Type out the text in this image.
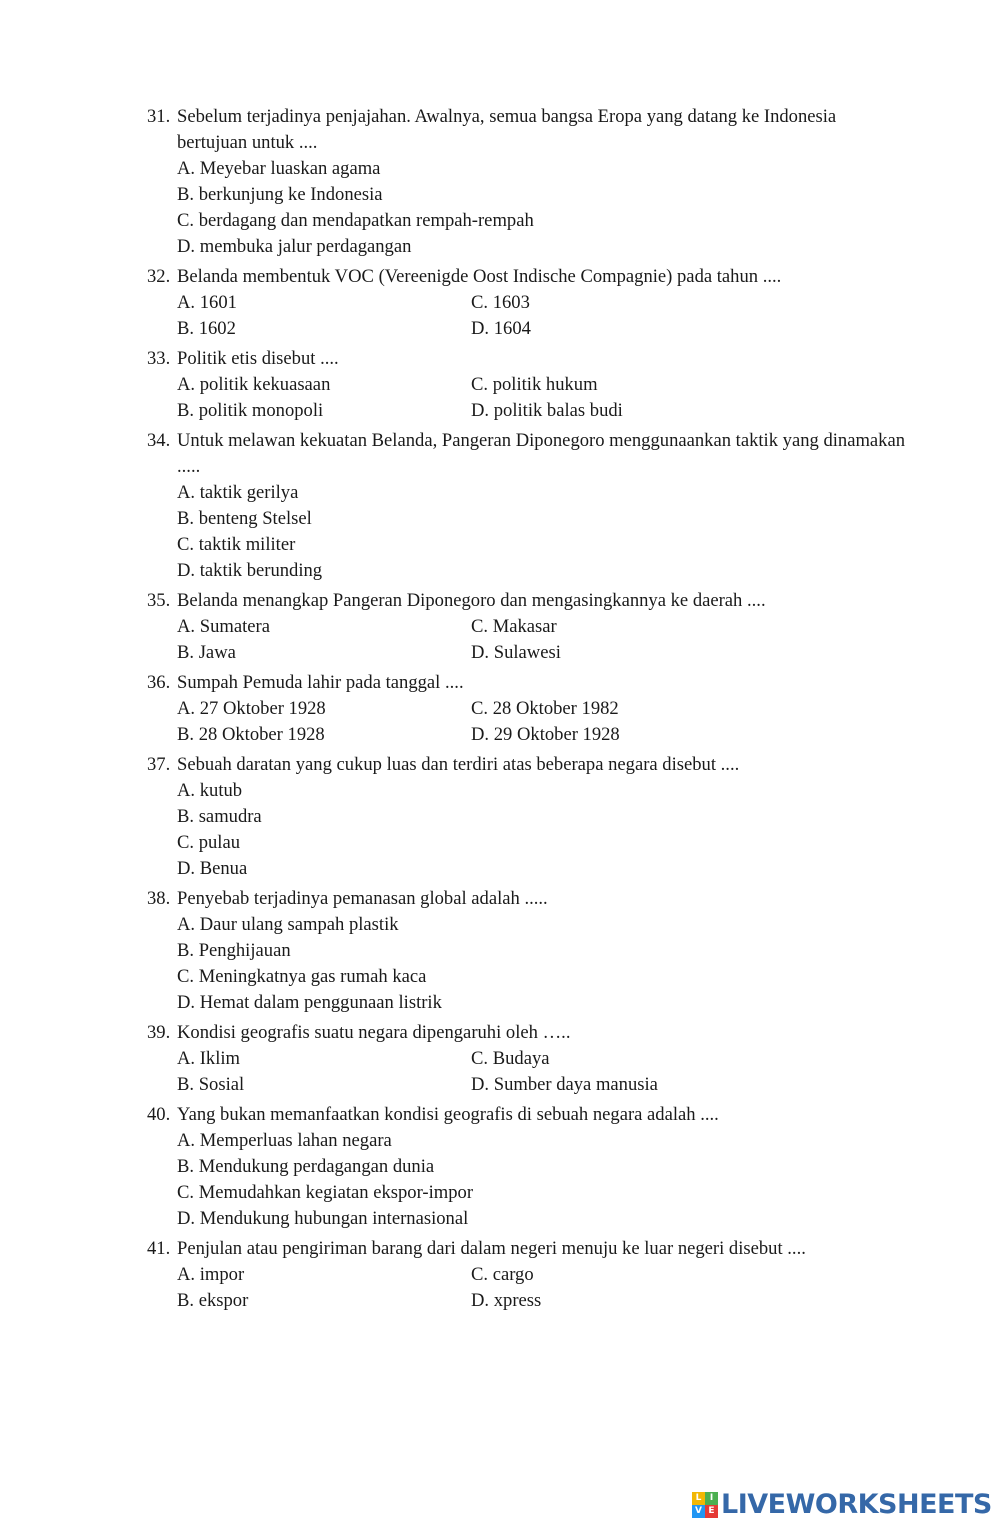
31. Sebelum terjadinya penjajahan. Awalnya, semua bangsa Eropa yang datang ke Indonesia bertujuan untuk ....
A. Meyebar luaskan agama
B. berkunjung ke Indonesia
C. berdagang dan mendapatkan rempah-rempah
D. membuka jalur perdagangan
32. Belanda membentuk VOC (Vereenigde Oost Indische Compagnie) pada tahun ....
A. 1601	C. 1603
B. 1602	D. 1604
33. Politik etis disebut ....
A. politik kekuasaan	C. politik hukum
B. politik monopoli	D. politik balas budi
34. Untuk melawan kekuatan Belanda, Pangeran Diponegoro menggunaankan taktik yang dinamakan .....
A. taktik gerilya
B. benteng Stelsel
C. taktik militer
D. taktik berunding
35. Belanda menangkap Pangeran Diponegoro dan mengasingkannya ke daerah ....
A. Sumatera	C. Makasar
B. Jawa	D. Sulawesi
36. Sumpah Pemuda lahir pada tanggal ....
A. 27 Oktober 1928	C. 28 Oktober 1982
B. 28 Oktober 1928	D. 29 Oktober 1928
37. Sebuah daratan yang cukup luas dan terdiri atas beberapa negara disebut ....
A. kutub
B. samudra
C. pulau
D. Benua
38. Penyebab terjadinya pemanasan global adalah .....
A. Daur ulang sampah plastik
B. Penghijauan
C. Meningkatnya gas rumah kaca
D. Hemat dalam penggunaan listrik
39. Kondisi geografis suatu negara dipengaruhi oleh …..
A. Iklim	C. Budaya
B. Sosial	D. Sumber daya manusia
40. Yang bukan memanfaatkan kondisi geografis di sebuah negara adalah ....
A. Memperluas lahan negara
B. Mendukung perdagangan dunia
C. Memudahkan kegiatan ekspor-impor
D. Mendukung hubungan internasional
41. Penjulan atau pengiriman barang dari dalam negeri menuju ke luar negeri disebut ....
A. impor	C. cargo
B. ekspor	D. xpress
L I
V E LIVEWORKSHEETS
